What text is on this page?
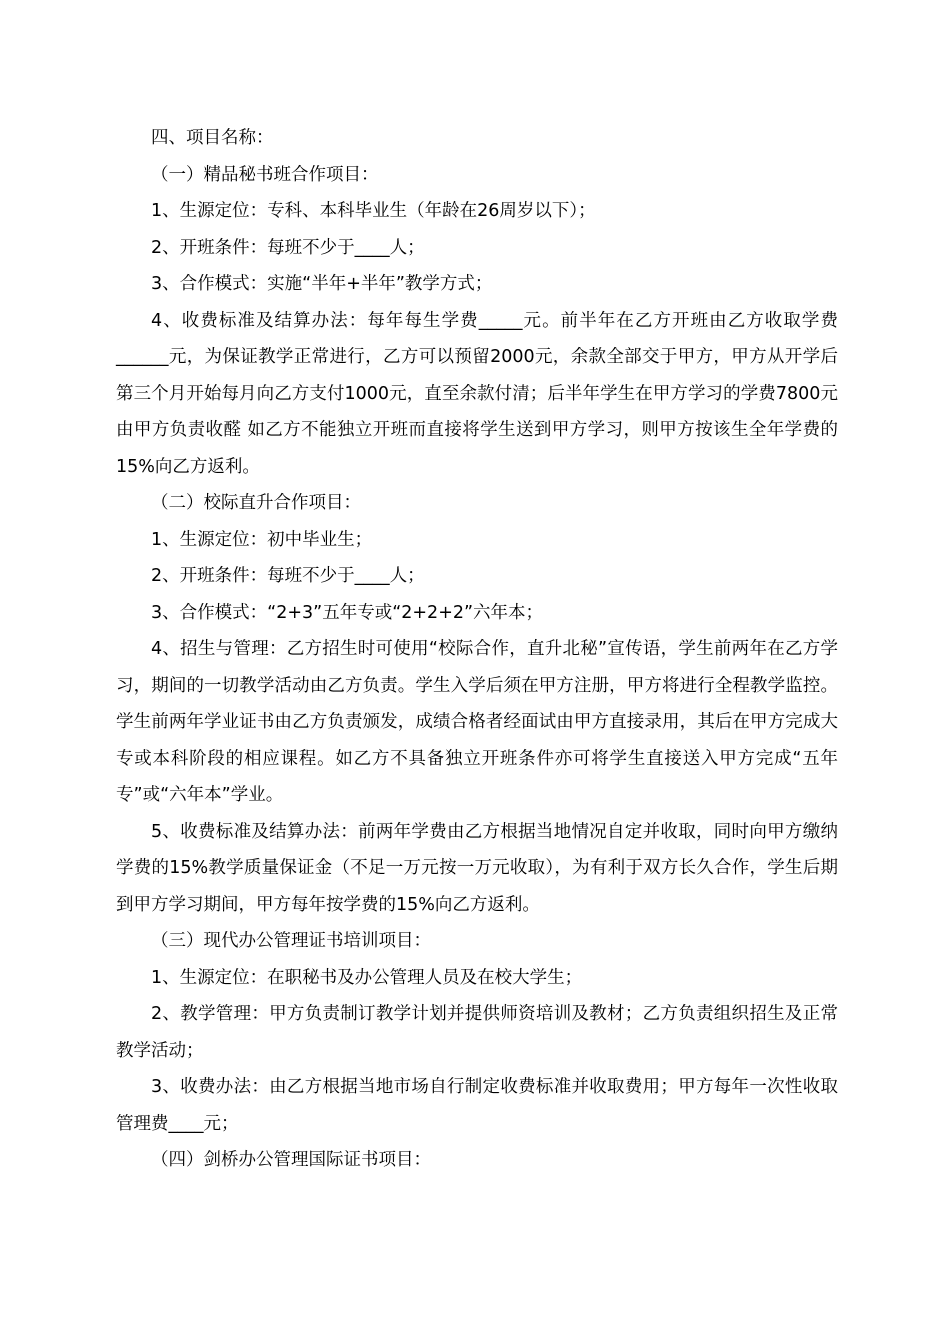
四、项目名称：

（一）精品秘书班合作项目：

1、生源定位：专科、本科毕业生（年龄在26周岁以下）；

2、开班条件：每班不少于____人；

3、合作模式：实施“半年+半年”教学方式；

4、收费标准及结算办法：每年每生学费_____元。前半年在乙方开班由乙方收取学费______元，为保证教学正常进行，乙方可以预留2000元，余款全部交于甲方，甲方从开学后第三个月开始每月向乙方支付1000元，直至余款付清；后半年学生在甲方学习的学费7800元由甲方负责收醛 如乙方不能独立开班而直接将学生送到甲方学习，则甲方按该生全年学费的15%向乙方返利。

（二）校际直升合作项目：

1、生源定位：初中毕业生；

2、开班条件：每班不少于____人；

3、合作模式：“2+3”五年专或“2+2+2”六年本；

4、招生与管理：乙方招生时可使用“校际合作，直升北秘”宣传语，学生前两年在乙方学习，期间的一切教学活动由乙方负责。学生入学后须在甲方注册，甲方将进行全程教学监控。学生前两年学业证书由乙方负责颁发，成绩合格者经面试由甲方直接录用，其后在甲方完成大专或本科阶段的相应课程。如乙方不具备独立开班条件亦可将学生直接送入甲方完成“五年专”或“六年本”学业。

5、收费标准及结算办法：前两年学费由乙方根据当地情况自定并收取，同时向甲方缴纳学费的15%教学质量保证金（不足一万元按一万元收取），为有利于双方长久合作，学生后期到甲方学习期间，甲方每年按学费的15%向乙方返利。

（三）现代办公管理证书培训项目：

1、生源定位：在职秘书及办公管理人员及在校大学生；

2、教学管理：甲方负责制订教学计划并提供师资培训及教材；乙方负责组织招生及正常教学活动；

3、收费办法：由乙方根据当地市场自行制定收费标准并收取费用；甲方每年一次性收取管理费____元；

（四）剑桥办公管理国际证书项目：
